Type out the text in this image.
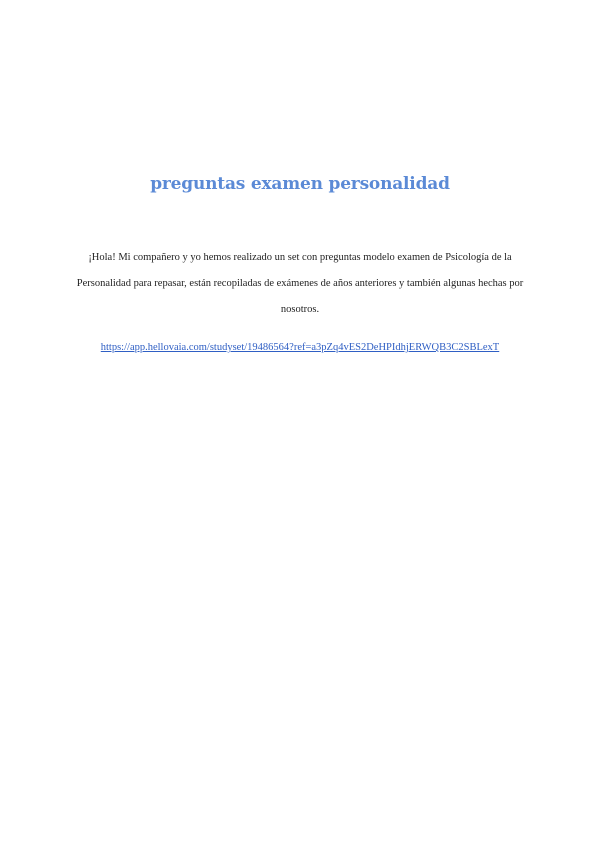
preguntas examen personalidad

¡Hola! Mi compañero y yo hemos realizado un set con preguntas modelo examen de Psicología de la Personalidad para repasar, están recopiladas de exámenes de años anteriores y también algunas hechas por nosotros.

https://app.hellovaia.com/studyset/19486564?ref=a3pZq4vES2DeHPIdhjERWQB3C2SBLexT
